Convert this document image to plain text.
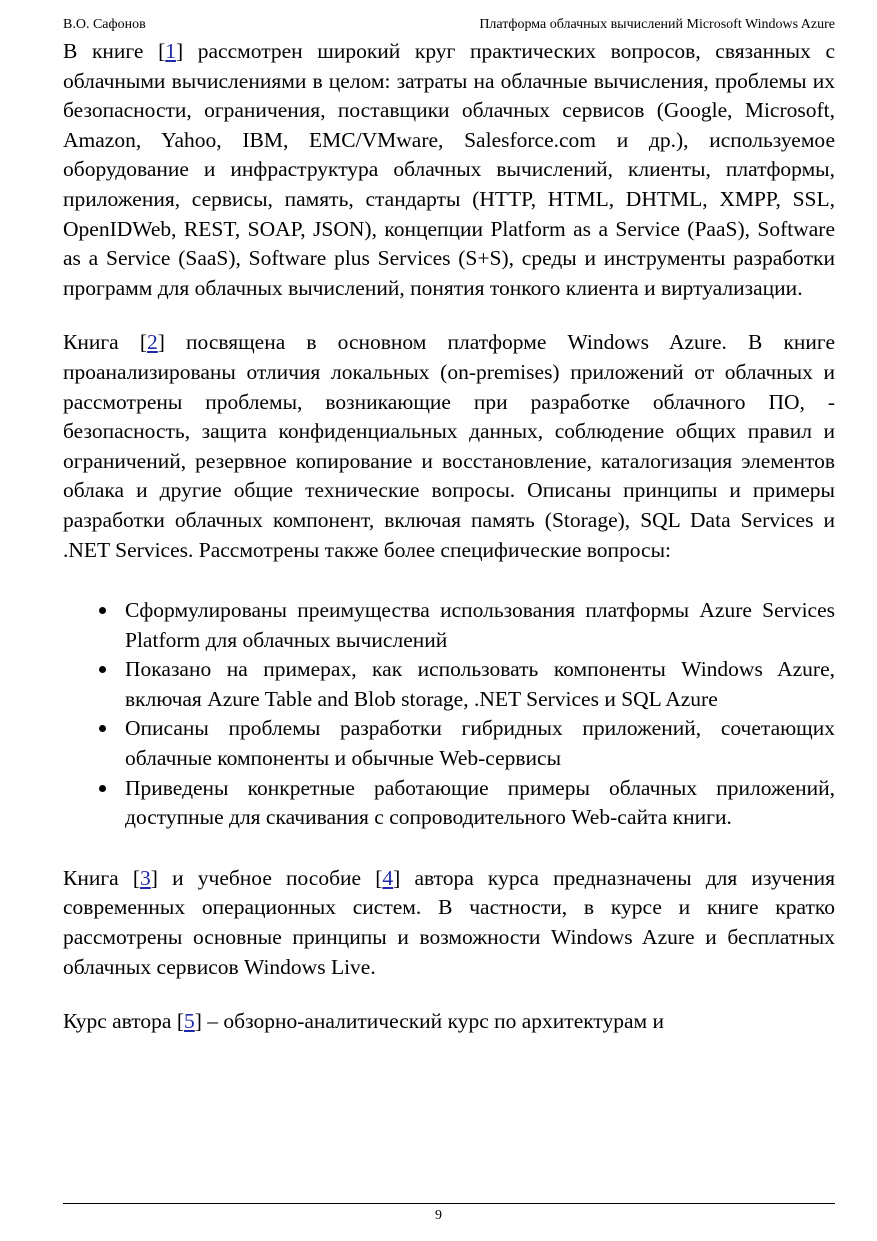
В.О. Сафонов	Платформа облачных вычислений Microsoft Windows Azure

В книге [1] рассмотрен широкий круг практических вопросов, связанных с облачными вычислениями в целом: затраты на облачные вычисления, проблемы их безопасности, ограничения, поставщики облачных сервисов (Google, Microsoft, Amazon, Yahoo, IBM, EMC/VMware, Salesforce.com и др.), используемое оборудование и инфраструктура облачных вычислений, клиенты, платформы, приложения, сервисы, память, стандарты (HTTP, HTML, DHTML, XMPP, SSL, OpenIDWeb, REST, SOAP, JSON), концепции Platform as a Service (PaaS), Software as a Service (SaaS), Software plus Services (S+S), среды и инструменты разработки программ для облачных вычислений, понятия тонкого клиента и виртуализации.

Книга [2] посвящена в основном платформе Windows Azure. В книге проанализированы отличия локальных (on-premises) приложений от облачных и рассмотрены проблемы, возникающие при разработке облачного ПО, - безопасность, защита конфиденциальных данных, соблюдение общих правил и ограничений, резервное копирование и восстановление, каталогизация элементов облака и другие общие технические вопросы. Описаны принципы и примеры разработки облачных компонент, включая память (Storage), SQL Data Services и .NET Services. Рассмотрены также более специфические вопросы:

Сформулированы преимущества использования платформы Azure Services Platform для облачных вычислений
Показано на примерах, как использовать компоненты Windows Azure, включая Azure Table and Blob storage, .NET Services и SQL Azure
Описаны проблемы разработки гибридных приложений, сочетающих облачные компоненты и обычные Web-сервисы
Приведены конкретные работающие примеры облачных приложений, доступные для скачивания с сопроводительного Web-сайта книги.

Книга [3] и учебное пособие [4] автора курса предназначены для изучения современных операционных систем. В частности, в курсе и книге кратко рассмотрены основные принципы и возможности Windows Azure и бесплатных облачных сервисов Windows Live.

Курс автора [5] – обзорно-аналитический курс по архитектурам и

9
